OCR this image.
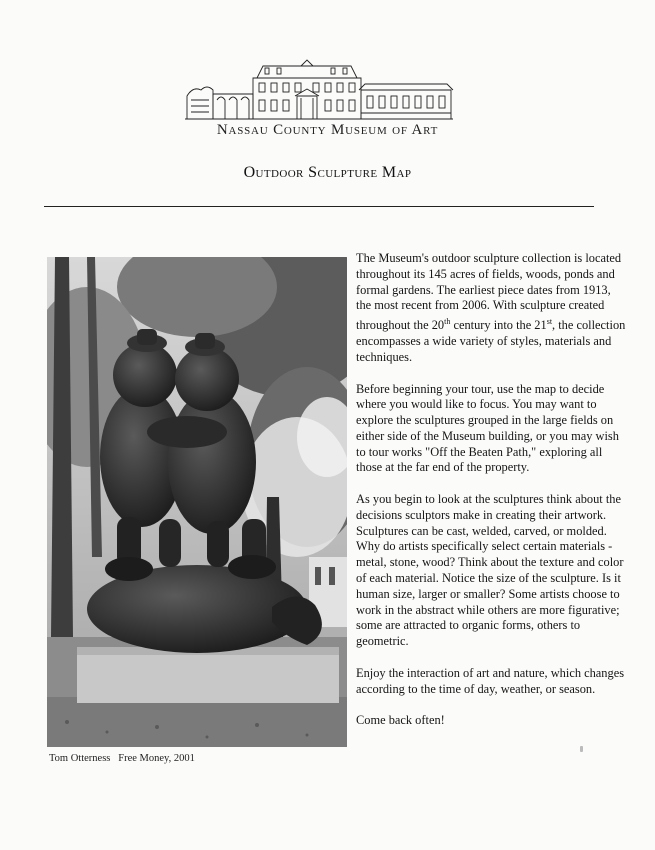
Nassau County Museum of Art
Outdoor Sculpture Map
Tom Otterness   Free Money, 2001

The Museum's outdoor sculpture collection is located throughout its 145 acres of fields, woods, ponds and formal gardens. The earliest piece dates from 1913, the most recent from 2006. With sculpture created throughout the 20th century into the 21st, the collection encompasses a wide variety of styles, materials and techniques.

Before beginning your tour, use the map to decide where you would like to focus. You may want to explore the sculptures grouped in the large fields on either side of the Museum building, or you may wish to tour works "Off the Beaten Path," exploring all those at the far end of the property.

As you begin to look at the sculptures think about the decisions sculptors make in creating their artwork. Sculptures can be cast, welded, carved, or molded. Why do artists specifically select certain materials - metal, stone, wood? Think about the texture and color of each material. Notice the size of the sculpture. Is it human size, larger or smaller? Some artists choose to work in the abstract while others are more figurative; some are attracted to organic forms, others to geometric.

Enjoy the interaction of art and nature, which changes according to the time of day, weather, or season.

Come back often!
